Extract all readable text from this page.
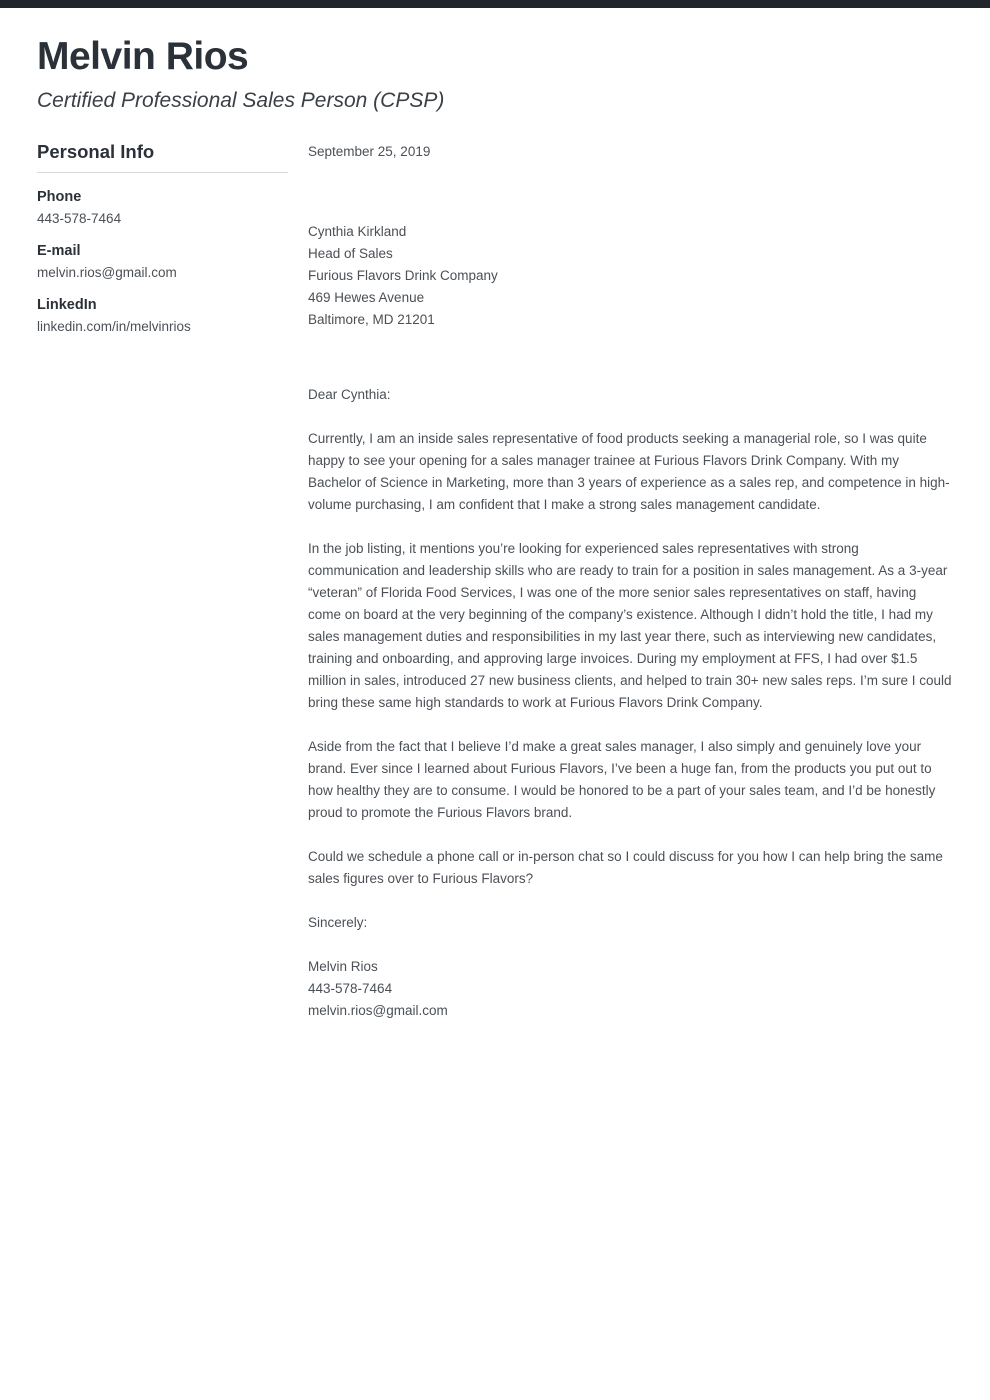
Melvin Rios
Certified Professional Sales Person (CPSP)
Personal Info
Phone
443-578-7464
E-mail
melvin.rios@gmail.com
LinkedIn
linkedin.com/in/melvinrios
September 25, 2019
Cynthia Kirkland
Head of Sales
Furious Flavors Drink Company
469 Hewes Avenue
Baltimore, MD 21201

Dear Cynthia:

Currently, I am an inside sales representative of food products seeking a managerial role, so I was quite happy to see your opening for a sales manager trainee at Furious Flavors Drink Company. With my Bachelor of Science in Marketing, more than 3 years of experience as a sales rep, and competence in high-volume purchasing, I am confident that I make a strong sales management candidate.

In the job listing, it mentions you’re looking for experienced sales representatives with strong communication and leadership skills who are ready to train for a position in sales management. As a 3-year “veteran” of Florida Food Services, I was one of the more senior sales representatives on staff, having come on board at the very beginning of the company’s existence. Although I didn’t hold the title, I had my sales management duties and responsibilities in my last year there, such as interviewing new candidates, training and onboarding, and approving large invoices. During my employment at FFS, I had over $1.5 million in sales, introduced 27 new business clients, and helped to train 30+ new sales reps. I’m sure I could bring these same high standards to work at Furious Flavors Drink Company.

Aside from the fact that I believe I’d make a great sales manager, I also simply and genuinely love your brand. Ever since I learned about Furious Flavors, I’ve been a huge fan, from the products you put out to how healthy they are to consume. I would be honored to be a part of your sales team, and I’d be honestly proud to promote the Furious Flavors brand.

Could we schedule a phone call or in-person chat so I could discuss for you how I can help bring the same sales figures over to Furious Flavors?

Sincerely:

Melvin Rios
443-578-7464
melvin.rios@gmail.com
